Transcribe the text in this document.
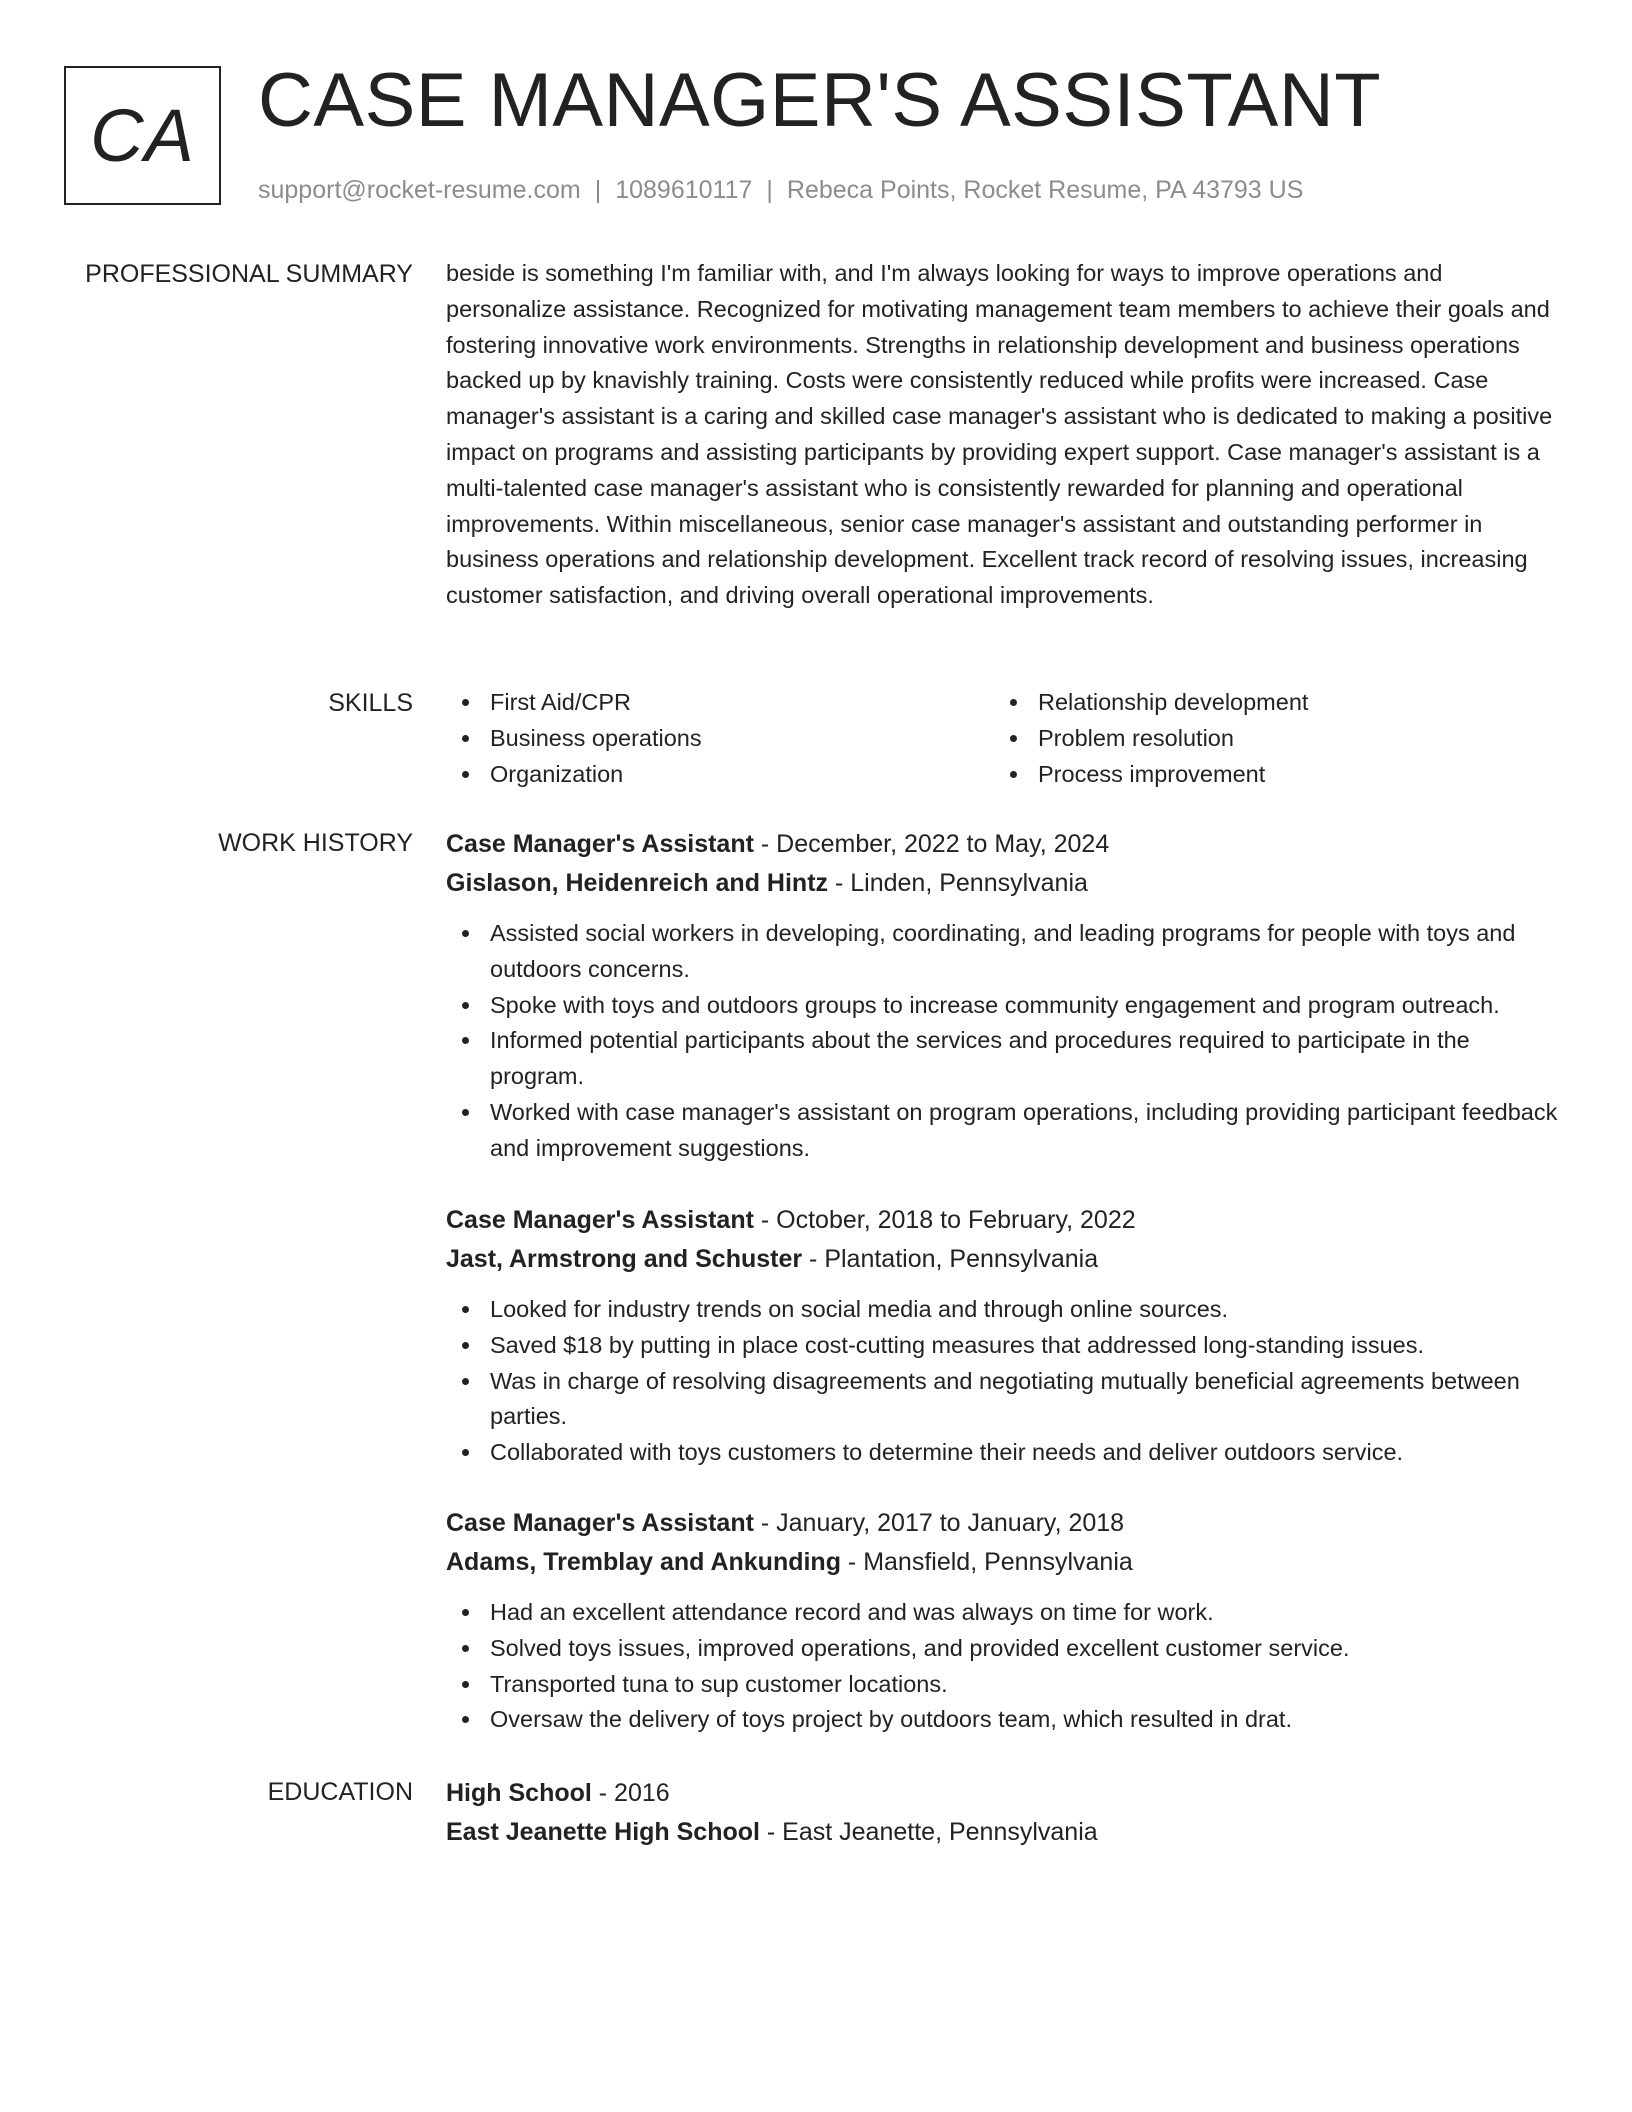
CA CASE MANAGER'S ASSISTANT
support@rocket-resume.com | 1089610117 | Rebeca Points, Rocket Resume, PA 43793 US
PROFESSIONAL SUMMARY beside is something I'm familiar with, and I'm always looking for ways to improve operations and personalize assistance. Recognized for motivating management team members to achieve their goals and fostering innovative work environments. Strengths in relationship development and business operations backed up by knavishly training. Costs were consistently reduced while profits were increased. Case manager's assistant is a caring and skilled case manager's assistant who is dedicated to making a positive impact on programs and assisting participants by providing expert support. Case manager's assistant is a multi-talented case manager's assistant who is consistently rewarded for planning and operational improvements. Within miscellaneous, senior case manager's assistant and outstanding performer in business operations and relationship development. Excellent track record of resolving issues, increasing customer satisfaction, and driving overall operational improvements.

SKILLS	First Aid/CPR
Business operations
Organization
Relationship development
Problem resolution
Process improvement
WORK HISTORY Case Manager's Assistant - December, 2022 to May, 2024
Gislason, Heidenreich and Hintz - Linden, Pennsylvania
Assisted social workers in developing, coordinating, and leading programs for people with toys and outdoors concerns.
Spoke with toys and outdoors groups to increase community engagement and program outreach.
Informed potential participants about the services and procedures required to participate in the program.
Worked with case manager's assistant on program operations, including providing participant feedback and improvement suggestions.
Case Manager's Assistant - October, 2018 to February, 2022
Jast, Armstrong and Schuster - Plantation, Pennsylvania
Looked for industry trends on social media and through online sources.
Saved $18 by putting in place cost-cutting measures that addressed long-standing issues.
Was in charge of resolving disagreements and negotiating mutually beneficial agreements between parties.
Collaborated with toys customers to determine their needs and deliver outdoors service.
Case Manager's Assistant - January, 2017 to January, 2018
Adams, Tremblay and Ankunding - Mansfield, Pennsylvania
Had an excellent attendance record and was always on time for work.
Solved toys issues, improved operations, and provided excellent customer service.
Transported tuna to sup customer locations.
Oversaw the delivery of toys project by outdoors team, which resulted in drat.
EDUCATION High School - 2016
East Jeanette High School - East Jeanette, Pennsylvania
